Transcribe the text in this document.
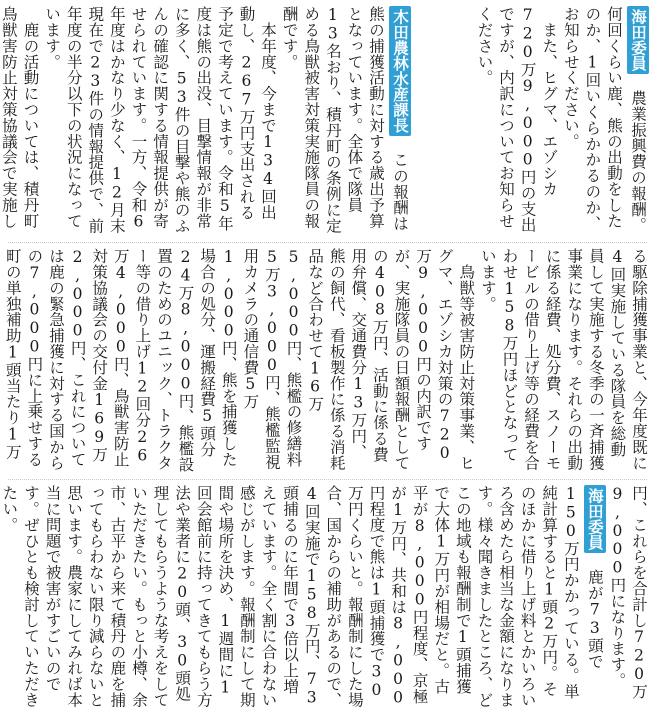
海田委員　農業振興費の報酬。何回くらい鹿、熊の出動をしたのか、1回いくらかかるのか、お知らせください。
　また、ヒグマ、エゾシカ720万9,000円の支出ですが、内訳についてお知らせください。
木田農林水産課長　この報酬は熊の捕獲活動に対する歳出予算となっています。全体で隊員13名おり、積丹町の条例に定める鳥獣被害対策実施隊員の報酬です。
　本年度、今まで134回出動し、267万円支出される予定で考えています。令和5年度は熊の出没、目撃情報が非常に多く、53件の目撃や熊のふんの確認に関する情報提供が寄せられています。一方、令和6年度はかなり少なく、12月末現在で23件の情報提供で、前年度の半分以下の状況になっています。
　鹿の活動については、積丹町鳥獣害防止対策協議会で実施し
る駆除捕獲事業と、今年度既に4回実施している隊員を総動員して実施する冬季の一斉捕獲事業になります。それらの出動に係る経費、処分費、スノーモービルの借り上げ等の経費を合わせ158万円ほどとなっています。
　鳥獣等被害防止対策事業、ヒグマ、エゾシカ対策の720万9,000円の内訳ですが、実施隊員の日額報酬としての408万円、活動に係る費用弁償、交通費分13万円、熊の飼代、看板製作に係る消耗品など合わせて16万5,000円、熊檻の修繕料5万3,000円、熊檻監視用カメラの通信費5万1,000円、熊を捕獲した場合の処分、運搬経費5頭分24万8,000円、熊檻設置のためのユニック、トラクター等の借り上げ12回分26万4,000円、鳥獣害防止対策協議会の交付金169万2,000円、これについては鹿の緊急捕獲に対する国からの7,000円に上乗せする町の単独補助1頭当たり1万
円、これらを合計し720万9,000円になります。
海田委員　鹿が73頭で150万円かかっている。単純計算すると1頭2万円。そのほかに借り上げ料とかいろいろ含めたら相当な金額になります。様々聞きましたところ、どこの地域も報酬制で1頭捕獲で大体1万円が相場だと。古平が8,000円程度、京極が1万円、共和は8,000円程度で熊は1頭捕獲で30万円くらいと。報酬制にした場合、国からの補助があるので、4回実施で158万円、73頭捕るのに年間で3倍以上増えています。全く割に合わない感じがします。報酬制にして期間や場所を決め、1週間に1回会館前に持ってきてもらう方法や業者に20頭、30頭処理してもらうような考えをしていただきたい。もっと小樽、余市、古平から来て積丹の鹿を捕ってもらわない限り減らないと思います。農家にしてみれば本当に問題で被害がすごいのです。ぜひとも検討していただきたい。
